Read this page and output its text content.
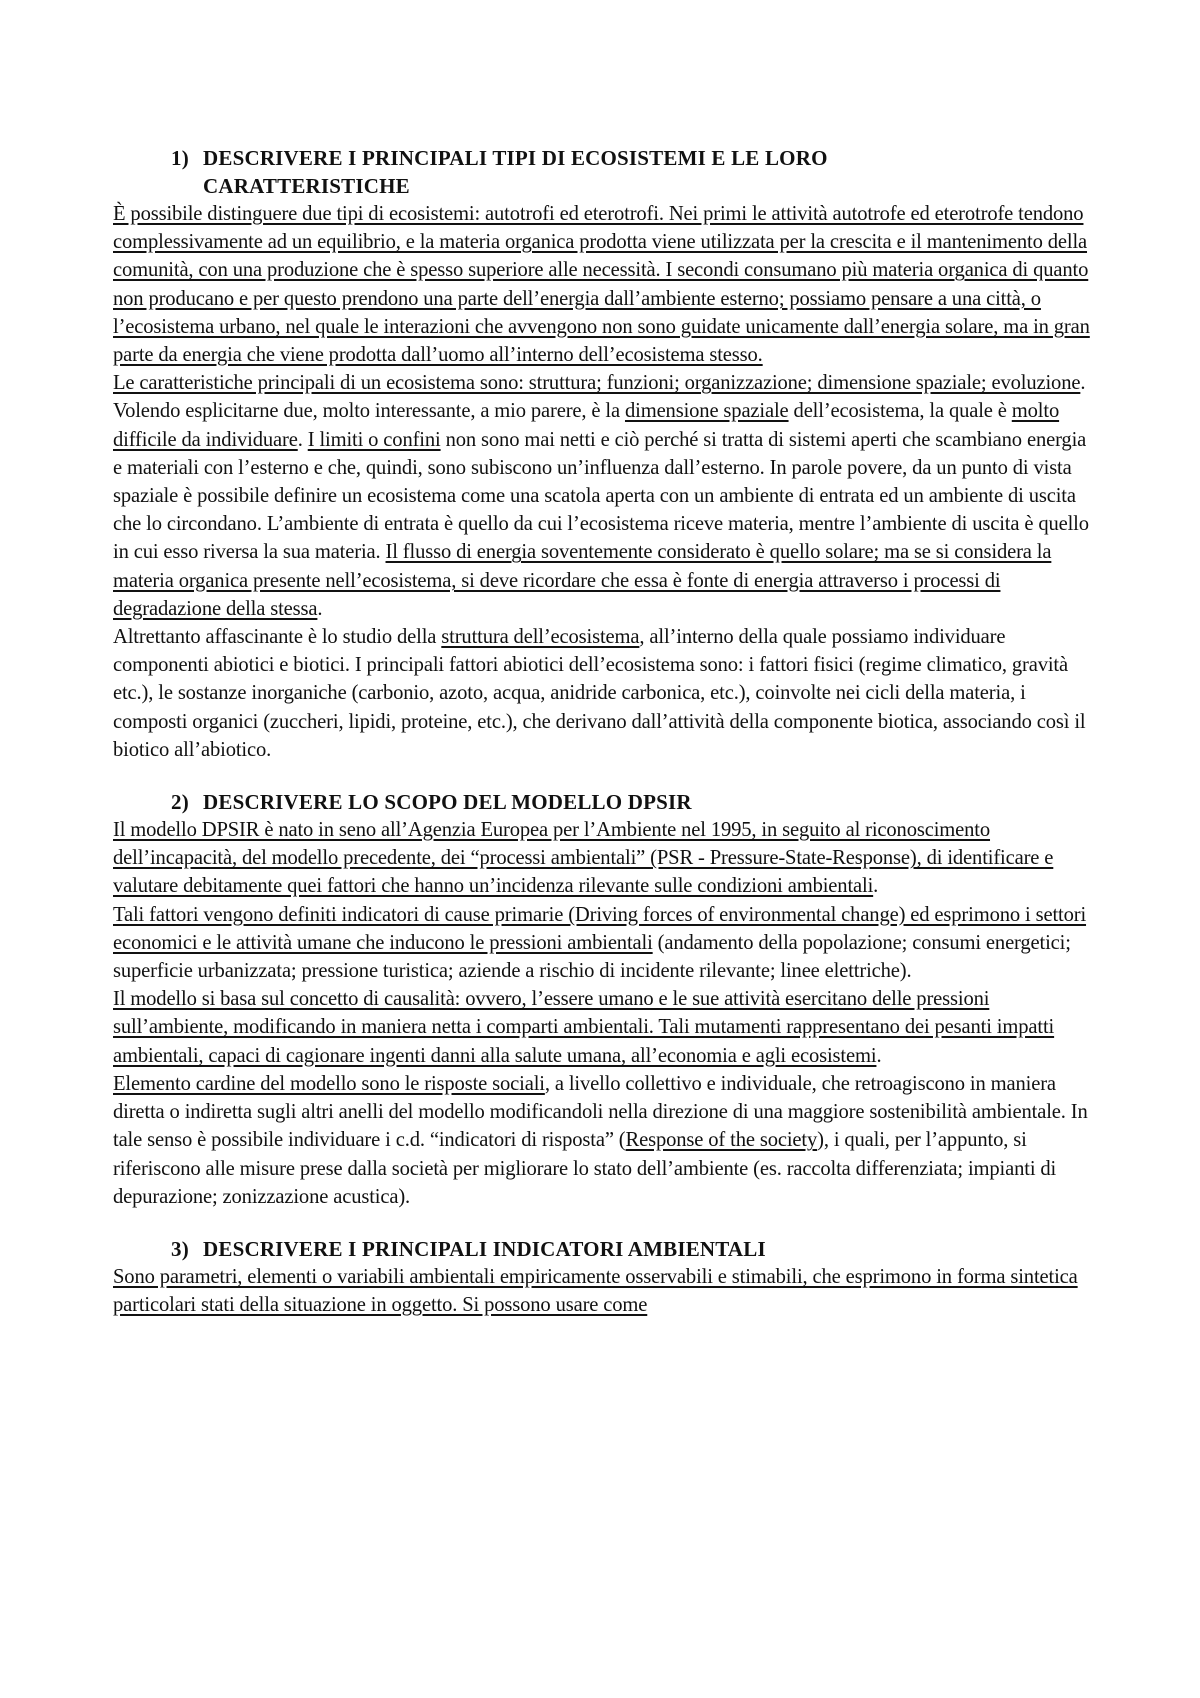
1) DESCRIVERE I PRINCIPALI TIPI DI ECOSISTEMI E LE LORO CARATTERISTICHE

È possibile distinguere due tipi di ecosistemi: autotrofi ed eterotrofi. Nei primi le attività autotrofe ed eterotrofe tendono complessivamente ad un equilibrio, e la materia organica prodotta viene utilizzata per la crescita e il mantenimento della comunità, con una produzione che è spesso superiore alle necessità. I secondi consumano più materia organica di quanto non producano e per questo prendono una parte dell’energia dall’ambiente esterno; possiamo pensare a una città, o l’ecosistema urbano, nel quale le interazioni che avvengono non sono guidate unicamente dall’energia solare, ma in gran parte da energia che viene prodotta dall’uomo all’interno dell’ecosistema stesso.

Le caratteristiche principali di un ecosistema sono: struttura; funzioni; organizzazione; dimensione spaziale; evoluzione.

Volendo esplicitarne due, molto interessante, a mio parere, è la dimensione spaziale dell’ecosistema, la quale è molto difficile da individuare. I limiti o confini non sono mai netti e ciò perché si tratta di sistemi aperti che scambiano energia e materiali con l’esterno e che, quindi, sono subiscono un’influenza dall’esterno. In parole povere, da un punto di vista spaziale è possibile definire un ecosistema come una scatola aperta con un ambiente di entrata ed un ambiente di uscita che lo circondano. L’ambiente di entrata è quello da cui l’ecosistema riceve materia, mentre l’ambiente di uscita è quello in cui esso riversa la sua materia. Il flusso di energia soventemente considerato è quello solare; ma se si considera la materia organica presente nell’ecosistema, si deve ricordare che essa è fonte di energia attraverso i processi di degradazione della stessa.

Altrettanto affascinante è lo studio della struttura dell’ecosistema, all’interno della quale possiamo individuare componenti abiotici e biotici. I principali fattori abiotici dell’ecosistema sono: i fattori fisici (regime climatico, gravità etc.), le sostanze inorganiche (carbonio, azoto, acqua, anidride carbonica, etc.), coinvolte nei cicli della materia, i composti organici (zuccheri, lipidi, proteine, etc.), che derivano dall’attività della componente biotica, associando così il biotico all’abiotico.

2) DESCRIVERE LO SCOPO DEL MODELLO DPSIR

Il modello DPSIR è nato in seno all’Agenzia Europea per l’Ambiente nel 1995, in seguito al riconoscimento dell’incapacità, del modello precedente, dei “processi ambientali” (PSR - Pressure-State-Response), di identificare e valutare debitamente quei fattori che hanno un’incidenza rilevante sulle condizioni ambientali.

Tali fattori vengono definiti indicatori di cause primarie (Driving forces of environmental change) ed esprimono i settori economici e le attività umane che inducono le pressioni ambientali (andamento della popolazione; consumi energetici; superficie urbanizzata; pressione turistica; aziende a rischio di incidente rilevante; linee elettriche).

Il modello si basa sul concetto di causalità: ovvero, l’essere umano e le sue attività esercitano delle pressioni sull’ambiente, modificando in maniera netta i comparti ambientali. Tali mutamenti rappresentano dei pesanti impatti ambientali, capaci di cagionare ingenti danni alla salute umana, all’economia e agli ecosistemi.

Elemento cardine del modello sono le risposte sociali, a livello collettivo e individuale, che retroagiscono in maniera diretta o indiretta sugli altri anelli del modello modificandoli nella direzione di una maggiore sostenibilità ambientale. In tale senso è possibile individuare i c.d. “indicatori di risposta” (Response of the society), i quali, per l’appunto, si riferiscono alle misure prese dalla società per migliorare lo stato dell’ambiente (es. raccolta differenziata; impianti di depurazione; zonizzazione acustica).

3) DESCRIVERE I PRINCIPALI INDICATORI AMBIENTALI

Sono parametri, elementi o variabili ambientali empiricamente osservabili e stimabili, che esprimono in forma sintetica particolari stati della situazione in oggetto. Si possono usare come
